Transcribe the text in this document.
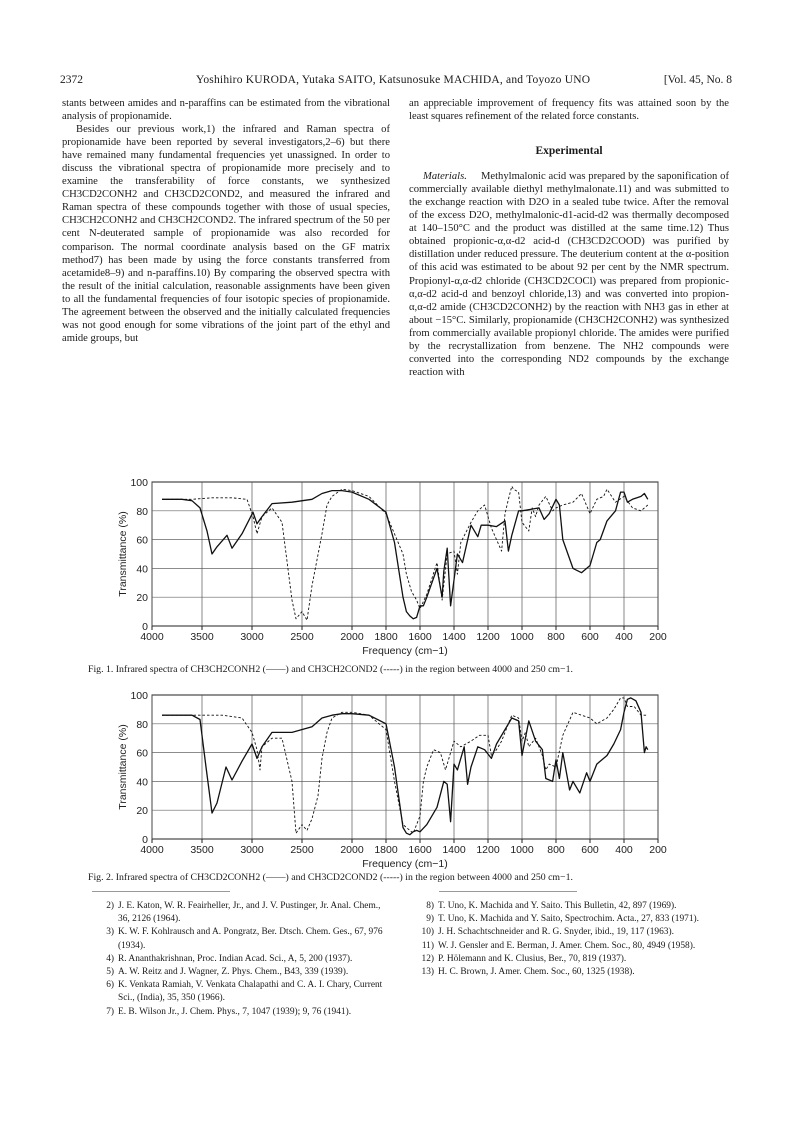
2372	Yoshihiro KURODA, Yutaka SAITO, Katsunosuke MACHIDA, and Toyozo UNO	[Vol. 45, No. 8

stants between amides and n-paraffins can be estimated from the vibrational analysis of propionamide.

Besides our previous work,1) the infrared and Raman spectra of propionamide have been reported by several investigators,2–6) but there have remained many fundamental frequencies yet unassigned. In order to discuss the vibrational spectra of propionamide more precisely and to examine the transferability of force constants, we synthesized CH3CD2CONH2 and CH3CD2COND2, and measured the infrared and Raman spectra of these compounds together with those of usual species, CH3CH2CONH2 and CH3CH2COND2. The infrared spectrum of the 50 per cent N-deuterated sample of propionamide was also recorded for comparison. The normal coordinate analysis based on the GF matrix method7) has been made by using the force constants transferred from acetamide8–9) and n-paraffins.10) By comparing the observed spectra with the result of the initial calculation, reasonable assignments have been given to all the fundamental frequencies of four isotopic species of propionamide. The agreement between the observed and the initially calculated frequencies was not good enough for some vibrations of the joint part of the ethyl and amide groups, but

an appreciable improvement of frequency fits was attained soon by the least squares refinement of the related force constants.

Experimental

Materials. Methylmalonic acid was prepared by the saponification of commercially available diethyl methylmalonate.11) and was submitted to the exchange reaction with D2O in a sealed tube twice. After the removal of the excess D2O, methylmalonic-d1-acid-d2 was thermally decomposed at 140–150°C and the product was distilled at the same time.12) Thus obtained propionic-α,α-d2 acid-d (CH3CD2COOD) was purified by distillation under reduced pressure. The deuterium content at the α-position of this acid was estimated to be about 92 per cent by the NMR spectrum. Propionyl-α,α-d2 chloride (CH3CD2COCl) was prepared from propionic-α,α-d2 acid-d and benzoyl chloride,13) and was converted into propion-α,α-d2 amide (CH3CD2CONH2) by the reaction with NH3 gas in ether at about −15°C. Similarly, propionamide (CH3CH2CONH2) was synthesized from commercially available propionyl chloride. The amides were purified by the recrystallization from benzene. The NH2 compounds were converted into the corresponding ND2 compounds by the exchange reaction with

0
20
40
60
80
100
4000	3500	3000	2500	2000 1800 1600 1400 1200 1000 800 600 400 200
Frequency (cm−1)
Transmittance (%)
Fig. 1. Infrared spectra of CH3CH2CONH2 (——) and CH3CH2COND2 (-----) in the region between 4000 and 250 cm−1.
0
20
40
60
80
100
4000	3500	3000	2500	2000 1800 1600 1400 1200 1000 800 600 400 200
Frequency (cm−1)
Transmittance (%)
Fig. 2. Infrared spectra of CH3CD2CONH2 (——) and CH3CD2COND2 (-----) in the region between 4000 and 250 cm−1.
2) J. E. Katon, W. R. Feairheller, Jr., and J. V. Pustinger, Jr. Anal. Chem., 36, 2126 (1964).
3) K. W. F. Kohlrausch and A. Pongratz, Ber. Dtsch. Chem. Ges., 67, 976 (1934).
4) R. Ananthakrishnan, Proc. Indian Acad. Sci., A, 5, 200 (1937).
5) A. W. Reitz and J. Wagner, Z. Phys. Chem., B43, 339 (1939).
6) K. Venkata Ramiah, V. Venkata Chalapathi and C. A. I. Chary, Current Sci., (India), 35, 350 (1966).
7) E. B. Wilson Jr., J. Chem. Phys., 7, 1047 (1939); 9, 76 (1941).
8) T. Uno, K. Machida and Y. Saito. This Bulletin, 42, 897 (1969).
9) T. Uno, K. Machida and Y. Saito, Spectrochim. Acta., 27, 833 (1971).
10) J. H. Schachtschneider and R. G. Snyder, ibid., 19, 117 (1963).
11) W. J. Gensler and E. Berman, J. Amer. Chem. Soc., 80, 4949 (1958).
12) P. Hölemann and K. Clusius, Ber., 70, 819 (1937).
13) H. C. Brown, J. Amer. Chem. Soc., 60, 1325 (1938).
